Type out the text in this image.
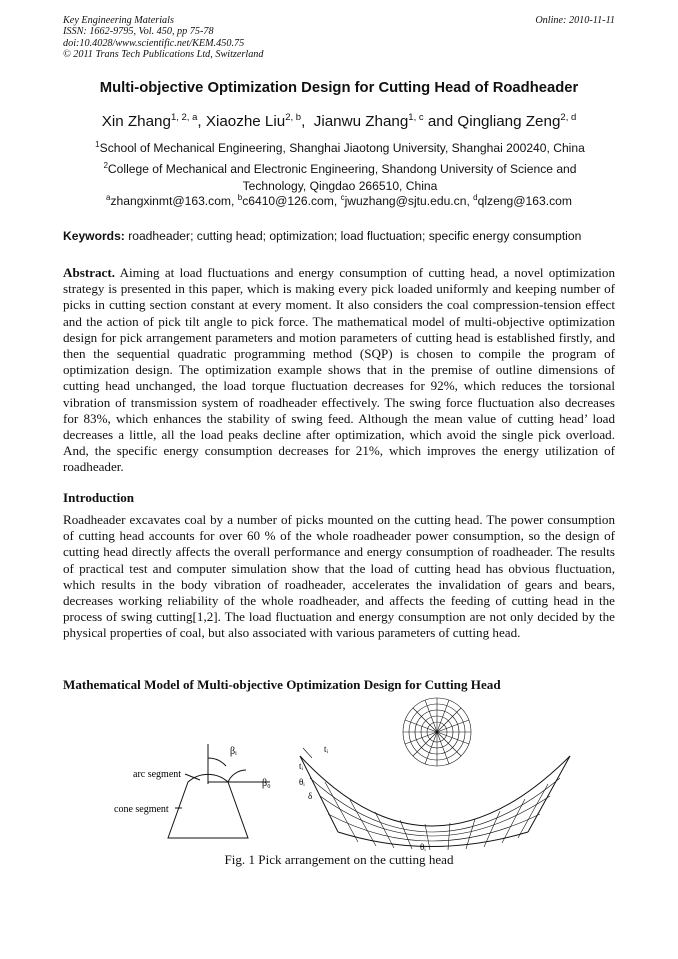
Key Engineering Materials
ISSN: 1662-9795, Vol. 450, pp 75-78
doi:10.4028/www.scientific.net/KEM.450.75
© 2011 Trans Tech Publications Ltd, Switzerland
Online: 2010-11-11
Multi-objective Optimization Design for Cutting Head of Roadheader
Xin Zhang$^{1, 2, a}$, Xiaozhe Liu$^{2, b}$,  Jianwu Zhang$^{1, c}$ and Qingliang Zeng$^{2, d}$
$^1$School of Mechanical Engineering, Shanghai Jiaotong University, Shanghai 200240, China
$^2$College of Mechanical and Electronic Engineering, Shandong University of Science and Technology, Qingdao 266510, China
$^a$zhangxinmt@163.com, $^b$c6410@126.com, $^c$jwuzhang@sjtu.edu.cn, $^d$qlzeng@163.com
Keywords: roadheader; cutting head; optimization; load fluctuation; specific energy consumption
Abstract. Aiming at load fluctuations and energy consumption of cutting head, a novel optimization strategy is presented in this paper, which is making every pick loaded uniformly and keeping number of picks in cutting section constant at every moment. It also considers the coal compression-tension effect and the action of pick tilt angle to pick force. The mathematical model of multi-objective optimization design for pick arrangement parameters and motion parameters of cutting head is established firstly, and then the sequential quadratic programming method (SQP) is chosen to compile the program of optimization design. The optimization example shows that in the premise of outline dimensions of cutting head unchanged, the load torque fluctuation decreases for 92%, which reduces the torsional vibration of transmission system of roadheader effectively. The swing force fluctuation also decreases for 83%, which enhances the stability of swing feed. Although the mean value of cutting head’ load decreases a little, all the load peaks decline after optimization, which avoid the single pick overload. And, the specific energy consumption decreases for 21%, which improves the energy utilization of roadheader.
Introduction
Roadheader excavates coal by a number of picks mounted on the cutting head. The power consumption of cutting head accounts for over 60 % of the whole roadheader power consumption, so the design of cutting head directly affects the overall performance and energy consumption of roadheader. The results of practical test and computer simulation show that the load of cutting head has obvious fluctuation, which results in the body vibration of roadheader, accelerates the invalidation of gears and bears, decreases working reliability of the whole roadheader, and affects the feeding of cutting head in the process of swing cutting[1,2]. The load fluctuation and energy consumption are not only decided by the physical properties of coal, but also associated with various parameters of cutting head.
Mathematical Model of Multi-objective Optimization Design for Cutting Head
βᵢ
β₀
arc segment
cone segment
tᵢ
tᵢ
θᵢ
δ
θᵢ
Fig. 1 Pick arrangement on the cutting head
